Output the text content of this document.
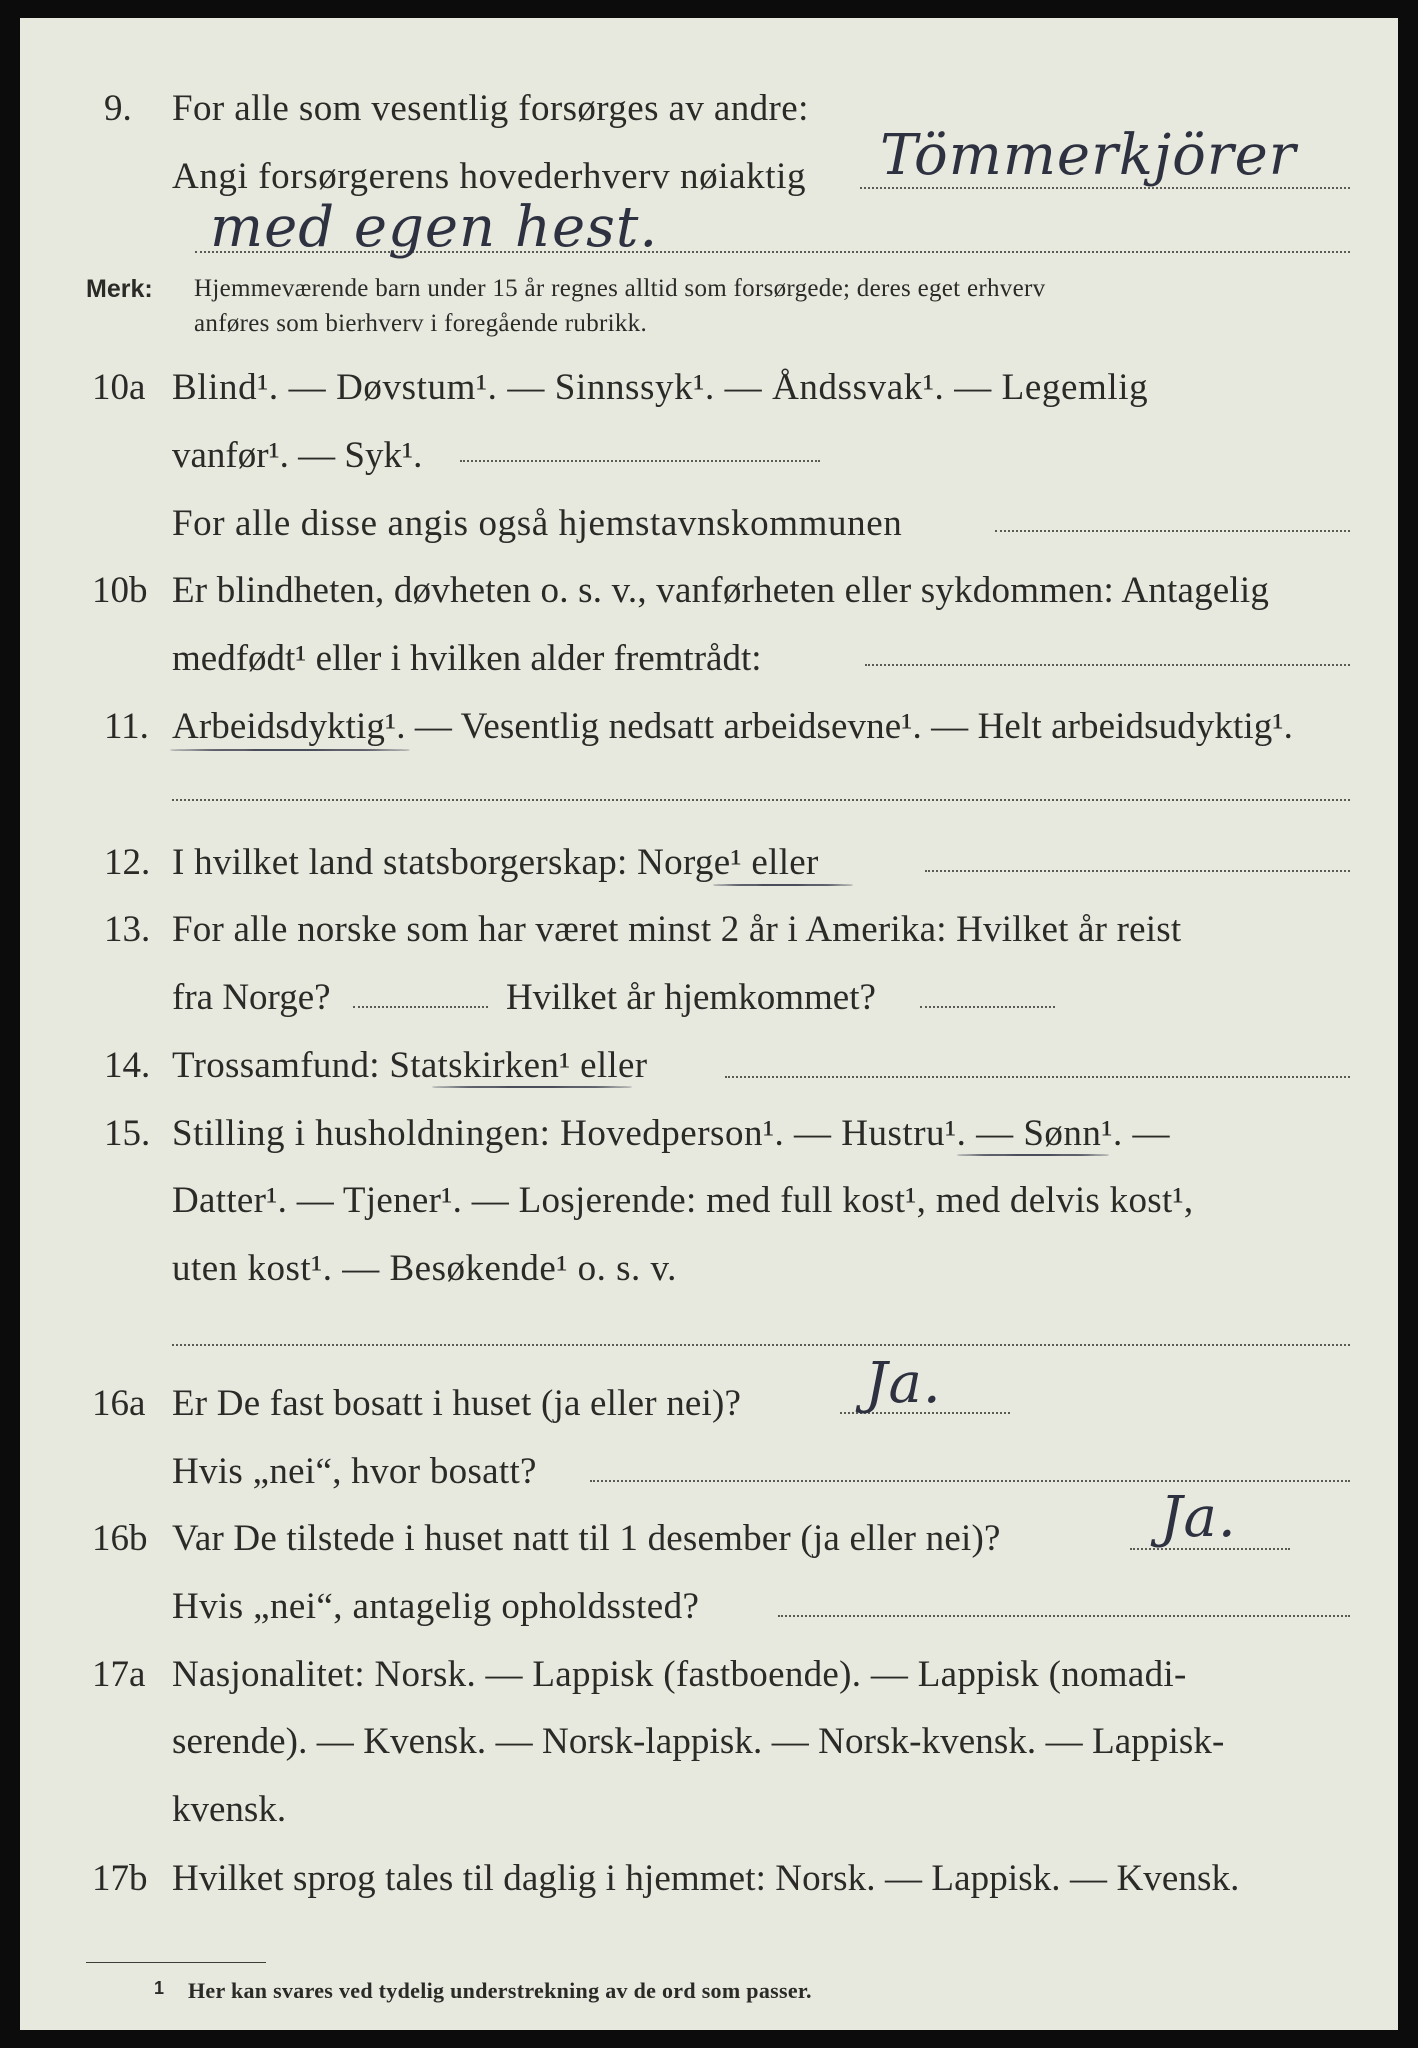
9. For alle som vesentlig forsørges av andre:
Angi forsørgerens hovederhverv nøiaktig Tömmerkjörer
med egen hest.
Merk: Hjemmeværende barn under 15 år regnes alltid som forsørgede; deres eget erhverv
anføres som bierhverv i foregående rubrikk.
10a Blind¹. — Døvstum¹. — Sinnssyk¹. — Åndssvak¹. — Legemlig
vanfør¹. — Syk¹.
For alle disse angis også hjemstavnskommunen
10b Er blindheten, døvheten o. s. v., vanførheten eller sykdommen: Antagelig
medfødt¹ eller i hvilken alder fremtrådt:
11. Arbeidsdyktig¹. — Vesentlig nedsatt arbeidsevne¹. — Helt arbeidsudyktig¹.
12. I hvilket land statsborgerskap: Norge¹ eller
13. For alle norske som har været minst 2 år i Amerika: Hvilket år reist
fra Norge?	Hvilket år hjemkommet?
14. Trossamfund: Statskirken¹ eller
15. Stilling i husholdningen: Hovedperson¹. — Hustru¹. — Sønn¹. —
Datter¹. — Tjener¹. — Losjerende: med full kost¹, med delvis kost¹,
uten kost¹. — Besøkende¹ o. s. v.
16a Er De fast bosatt i huset (ja eller nei)? Ja.
Hvis „nei“, hvor bosatt?
16b Var De tilstede i huset natt til 1 desember (ja eller nei)?	Ja.
Hvis „nei“, antagelig opholdssted?
17a Nasjonalitet: Norsk. — Lappisk (fastboende). — Lappisk (nomadi-
serende). — Kvensk. — Norsk-lappisk. — Norsk-kvensk. — Lappisk-
kvensk.
17b Hvilket sprog tales til daglig i hjemmet: Norsk. — Lappisk. — Kvensk.
1 Her kan svares ved tydelig understrekning av de ord som passer.
